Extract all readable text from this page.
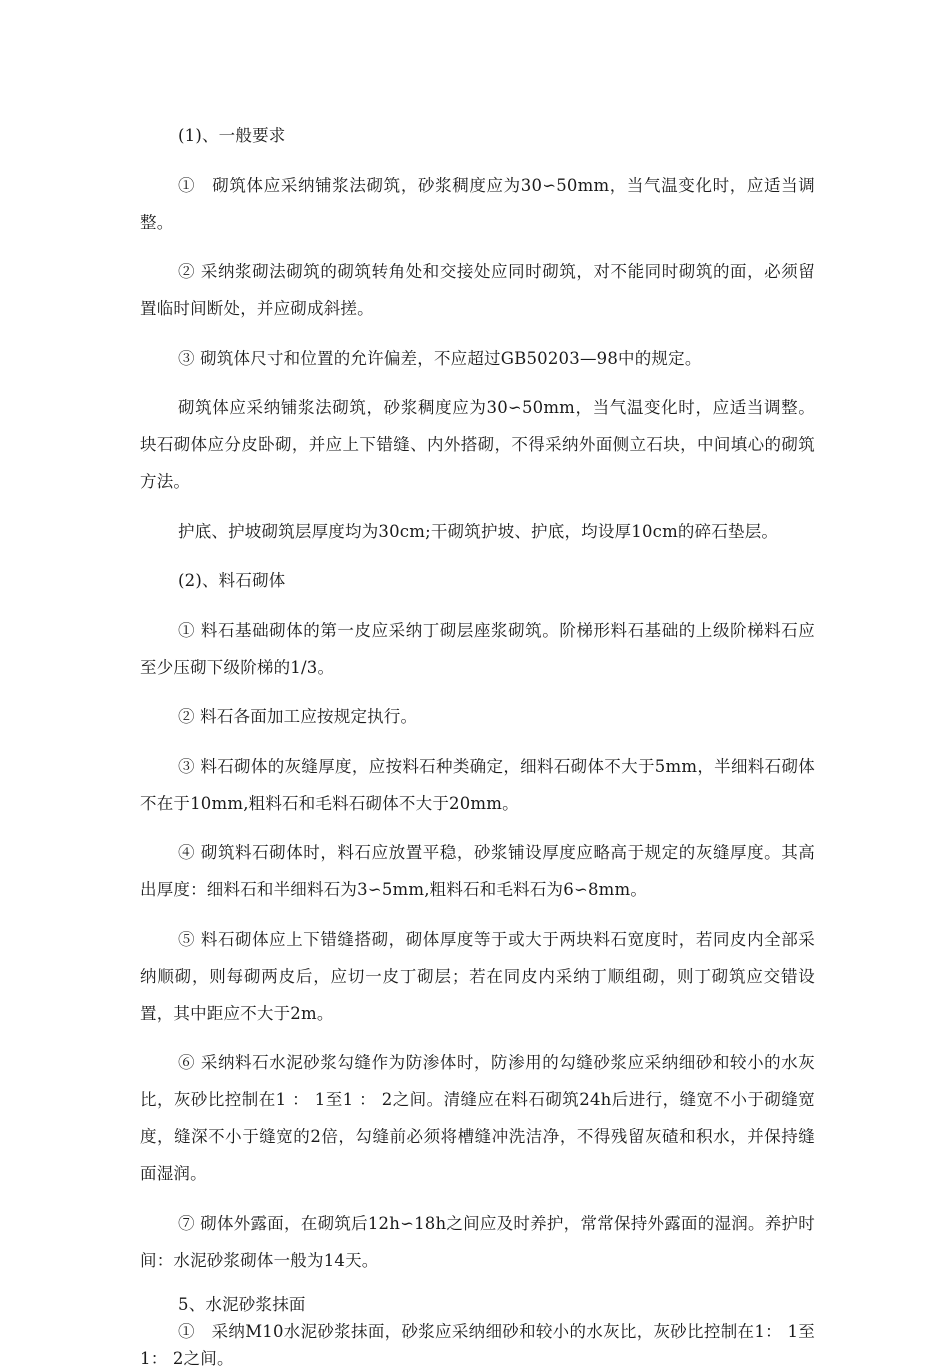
(1)、一般要求

①　砌筑体应采纳铺浆法砌筑，砂浆稠度应为30∽50mm，当气温变化时，应适当调整。

② 采纳浆砌法砌筑的砌筑转角处和交接处应同时砌筑，对不能同时砌筑的面，必须留置临时间断处，并应砌成斜搓。

③ 砌筑体尺寸和位置的允许偏差，不应超过GB50203—98中的规定。

砌筑体应采纳铺浆法砌筑，砂浆稠度应为30∽50mm，当气温变化时，应适当调整。块石砌体应分皮卧砌，并应上下错缝、内外搭砌，不得采纳外面侧立石块，中间填心的砌筑方法。

护底、护坡砌筑层厚度均为30cm;干砌筑护坡、护底，均设厚10cm的碎石垫层。

(2)、料石砌体

① 料石基础砌体的第一皮应采纳丁砌层座浆砌筑。阶梯形料石基础的上级阶梯料石应至少压砌下级阶梯的1/3。

② 料石各面加工应按规定执行。

③ 料石砌体的灰缝厚度，应按料石种类确定，细料石砌体不大于5mm，半细料石砌体不在于10mm,粗料石和毛料石砌体不大于20mm。

④ 砌筑料石砌体时，料石应放置平稳，砂浆铺设厚度应略高于规定的灰缝厚度。其高出厚度：细料石和半细料石为3∽5mm,粗料石和毛料石为6∽8mm。

⑤ 料石砌体应上下错缝搭砌，砌体厚度等于或大于两块料石宽度时，若同皮内全部采纳顺砌，则每砌两皮后，应切一皮丁砌层；若在同皮内采纳丁顺组砌，则丁砌筑应交错设置，其中距应不大于2m。

⑥ 采纳料石水泥砂浆勾缝作为防渗体时，防渗用的勾缝砂浆应采纳细砂和较小的水灰比，灰砂比控制在1 ： 1至1 ： 2之间。清缝应在料石砌筑24h后进行，缝宽不小于砌缝宽度，缝深不小于缝宽的2倍，勾缝前必须将槽缝冲洗洁净，不得残留灰碴和积水，并保持缝面湿润。

⑦ 砌体外露面，在砌筑后12h∽18h之间应及时养护，常常保持外露面的湿润。养护时间：水泥砂浆砌体一般为14天。

5、水泥砂浆抹面

①　采纳M10水泥砂浆抹面，砂浆应采纳细砂和较小的水灰比，灰砂比控制在1： 1至1： 2之间。
